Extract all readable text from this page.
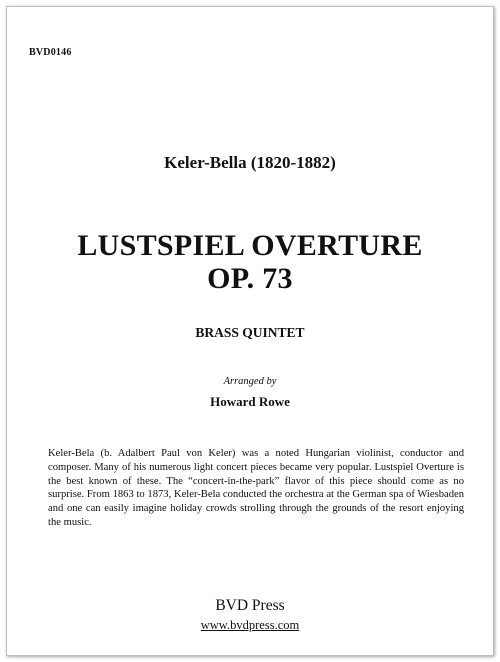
BVD0146
Keler-Bella (1820-1882)
LUSTSPIEL OVERTURE
OP. 73
BRASS QUINTET
Arranged by
Howard Rowe
Keler-Bela (b. Adalbert Paul von Keler) was a noted Hungarian violinist, conductor and composer. Many of his numerous light concert pieces became very popular. Lustspiel Overture is the best known of these. The “concert-in-the-park” flavor of this piece should come as no surprise. From 1863 to 1873, Keler-Bela conducted the orchestra at the German spa of Wiesbaden and one can easily imagine holiday crowds strolling through the grounds of the resort enjoying the music.
BVD Press
www.bvdpress.com
